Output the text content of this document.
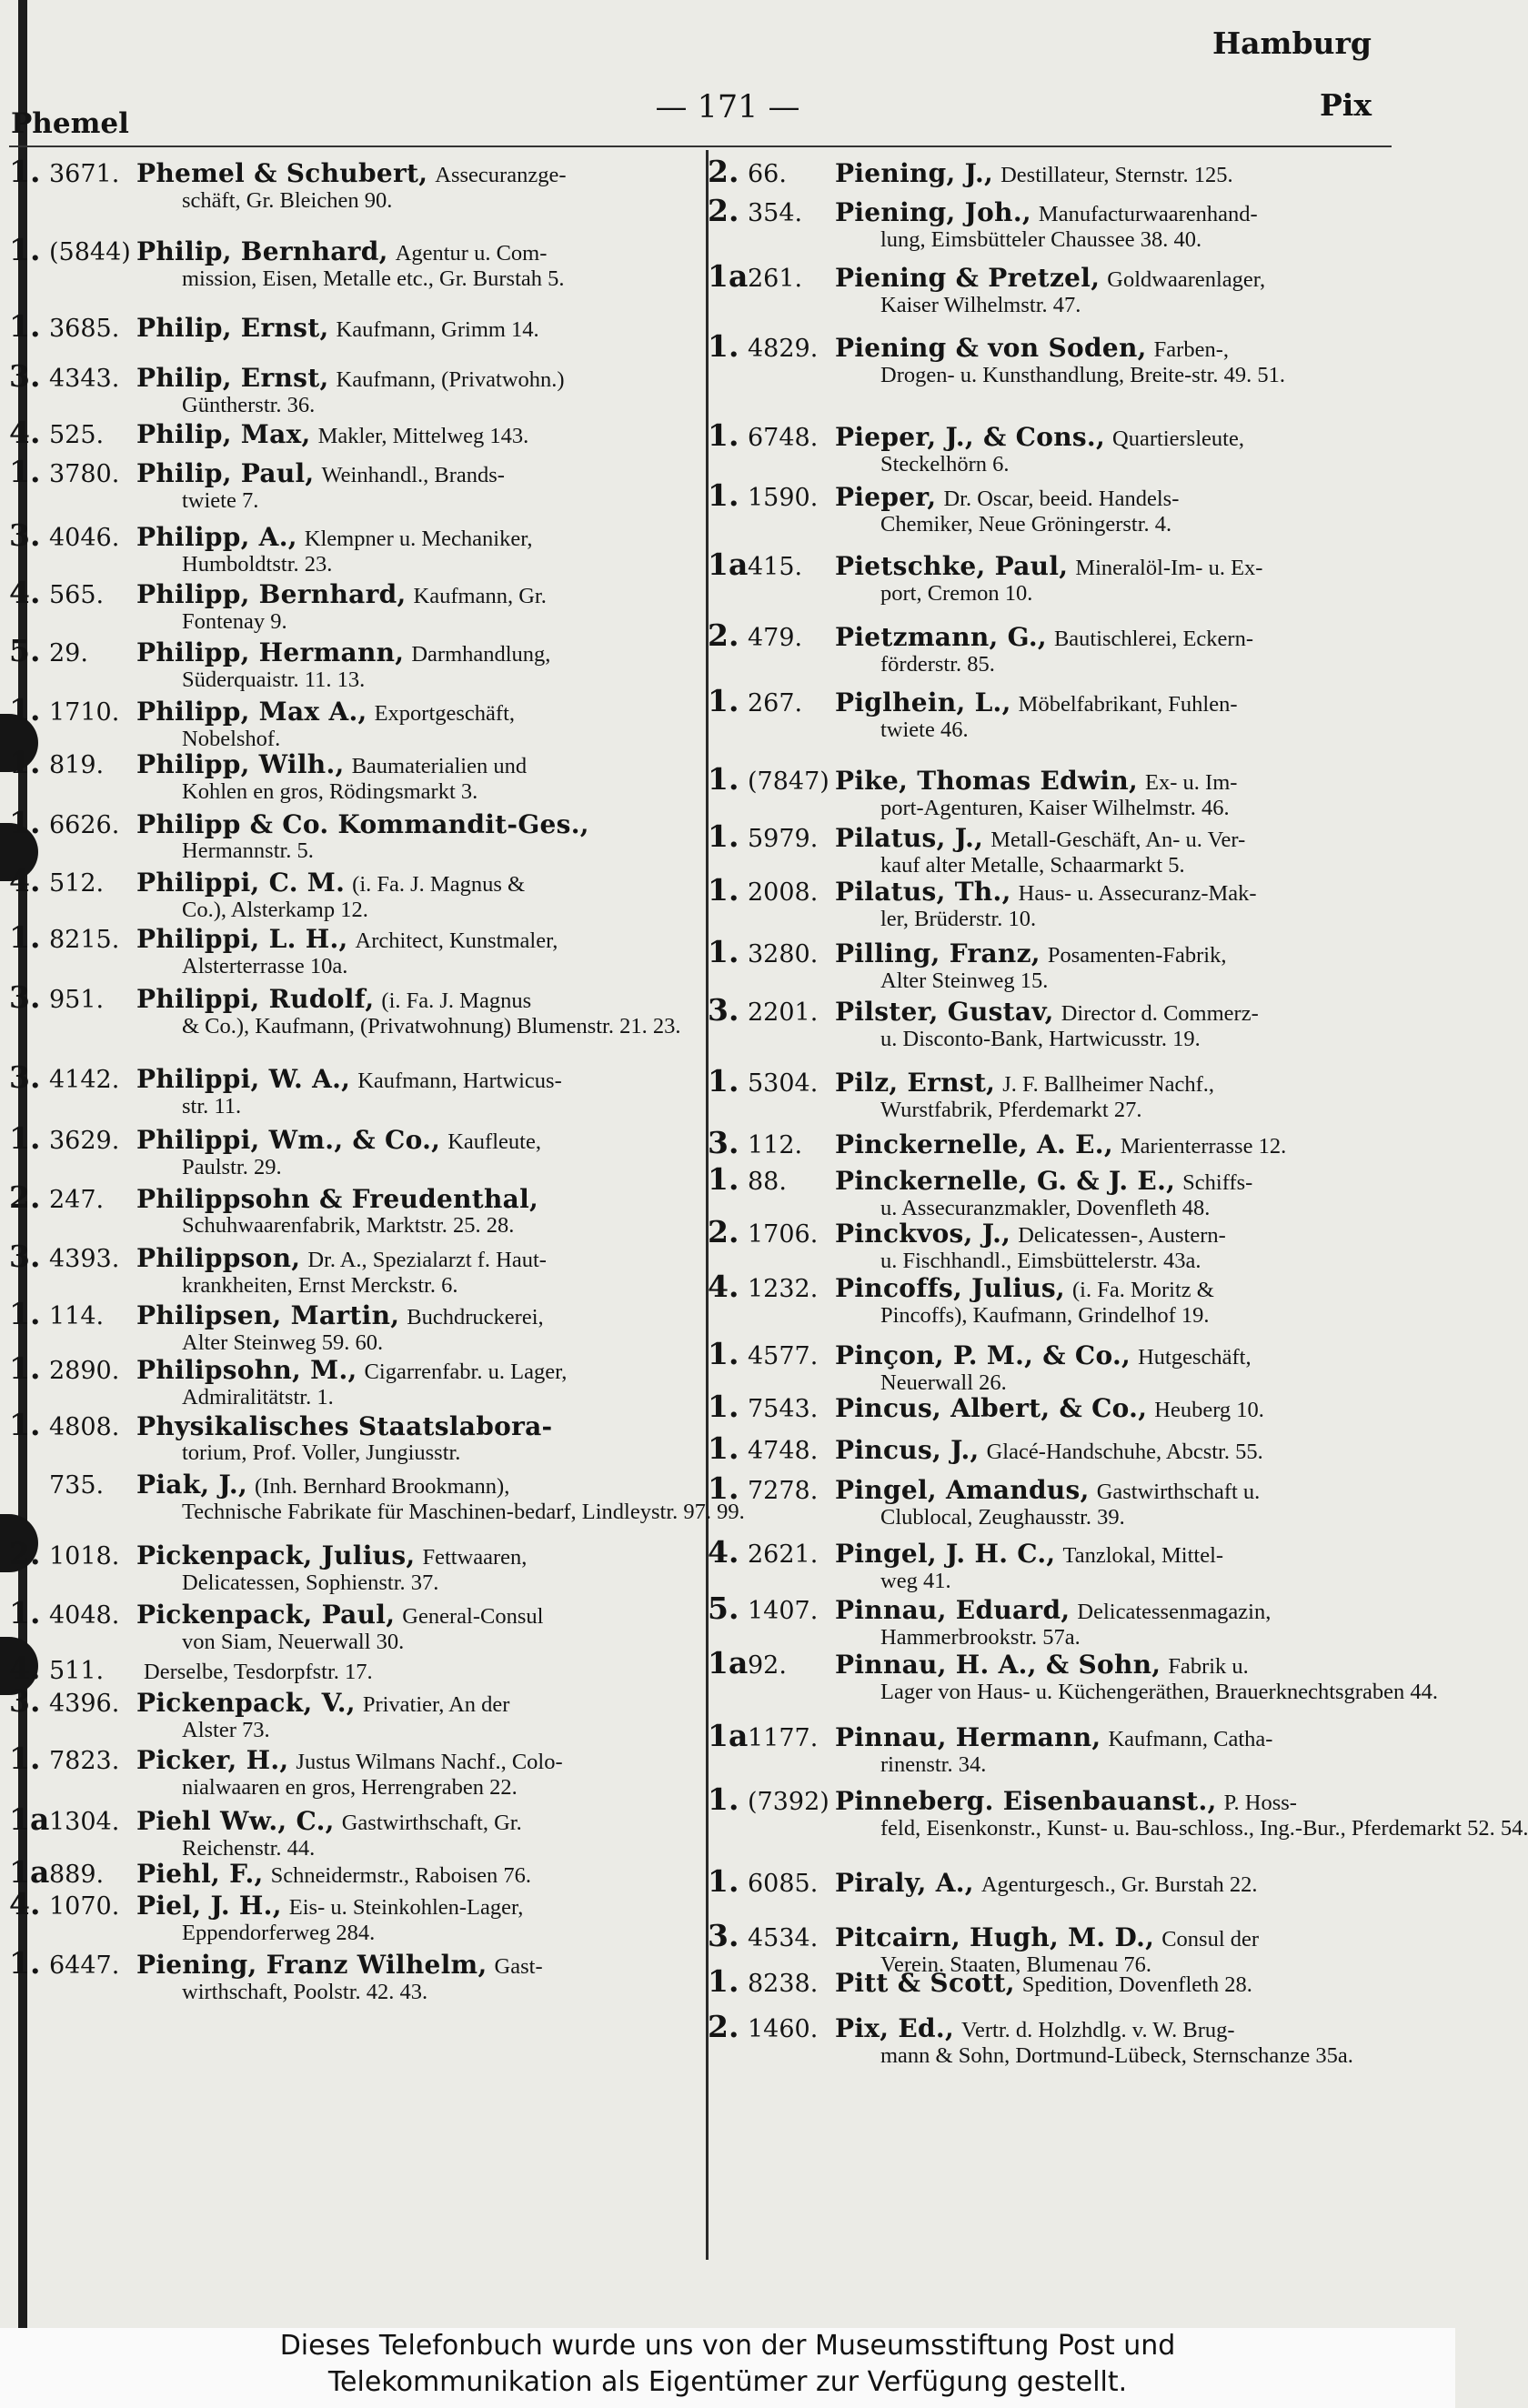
Hamburg
Phemel	— 171 —	Pix
1. 3671. Phemel & Schubert, Assecuranzge-
schäft, Gr. Bleichen 90.
1. (5844) Philip, Bernhard, Agentur u. Com-
mission, Eisen, Metalle etc., Gr. Burstah 5.
1. 3685. Philip, Ernst, Kaufmann, Grimm 14.
3. 4343. Philip, Ernst, Kaufmann, (Privatwohn.)
Güntherstr. 36.
4. 525.	Philip, Max, Makler, Mittelweg 143.
1. 3780. Philip, Paul, Weinhandl., Brands-
twiete 7.
3. 4046. Philipp, A., Klempner u. Mechaniker,
Humboldtstr. 23.
4. 565.	Philipp, Bernhard, Kaufmann, Gr.
Fontenay 9.
5. 29.	Philipp, Hermann, Darmhandlung,
Süderquaistr. 11. 13.
1. 1710. Philipp, Max A., Exportgeschäft,
Nobelshof.
1. 819.	Philipp, Wilh., Baumaterialien und
Kohlen en gros, Rödingsmarkt 3.
1. 6626. Philipp & Co. Kommandit-Ges.,
Hermannstr. 5.
4. 512.	Philippi, C. M. (i. Fa. J. Magnus &
Co.), Alsterkamp 12.
1. 8215. Philippi, L. H., Architect, Kunstmaler,
Alsterterrasse 10a.
3. 951.	Philippi, Rudolf, (i. Fa. J. Magnus
& Co.), Kaufmann, (Privatwohnung) Blumenstr. 21. 23.
3. 4142. Philippi, W. A., Kaufmann, Hartwicus-
str. 11.
1. 3629. Philippi, Wm., & Co., Kaufleute,
Paulstr. 29.
2. 247.	Philippsohn & Freudenthal,
Schuhwaarenfabrik, Marktstr. 25. 28.
3. 4393. Philippson, Dr. A., Spezialarzt f. Haut-
krankheiten, Ernst Merckstr. 6.
1. 114.	Philipsen, Martin, Buchdruckerei,
Alter Steinweg 59. 60.
1. 2890. Philipsohn, M., Cigarrenfabr. u. Lager,
Admiralitätstr. 1.
1. 4808. Physikalisches Staatslabora-
torium, Prof. Voller, Jungiusstr.
735.	Piak, J., (Inh. Bernhard Brookmann),
Technische Fabrikate für Maschinen-bedarf, Lindleystr. 97. 99.
2. 1018. Pickenpack, Julius, Fettwaaren,
Delicatessen, Sophienstr. 37.
1. 4048. Pickenpack, Paul, General-Consul
von Siam, Neuerwall 30.
4. 511.	Derselbe, Tesdorpfstr. 17.
3. 4396. Pickenpack, V., Privatier, An der
Alster 73.
1. 7823. Picker, H., Justus Wilmans Nachf., Colo-
nialwaaren en gros, Herrengraben 22.
1a 1304. Piehl Ww., C., Gastwirthschaft, Gr.
Reichenstr. 44.
1a 889.	Piehl, F., Schneidermstr., Raboisen 76.
4. 1070. Piel, J. H., Eis- u. Steinkohlen-Lager,
Eppendorferweg 284.
1. 6447. Piening, Franz Wilhelm, Gast-
wirthschaft, Poolstr. 42. 43.
2. 66.	Piening, J., Destillateur, Sternstr. 125.
2. 354.	Piening, Joh., Manufacturwaarenhand-
lung, Eimsbütteler Chaussee 38. 40.
1a 261.	Piening & Pretzel, Goldwaarenlager,
Kaiser Wilhelmstr. 47.
1. 4829. Piening & von Soden, Farben-,
Drogen- u. Kunsthandlung, Breite-str. 49. 51.
1. 6748. Pieper, J., & Cons., Quartiersleute,
Steckelhörn 6.
1. 1590. Pieper, Dr. Oscar, beeid. Handels-
Chemiker, Neue Gröningerstr. 4.
1a 415.	Pietschke, Paul, Mineralöl-Im- u. Ex-
port, Cremon 10.
2. 479.	Pietzmann, G., Bautischlerei, Eckern-
förderstr. 85.
1. 267.	Piglhein, L., Möbelfabrikant, Fuhlen-
twiete 46.
1. (7847) Pike, Thomas Edwin, Ex- u. Im-
port-Agenturen, Kaiser Wilhelmstr. 46.
1. 5979. Pilatus, J., Metall-Geschäft, An- u. Ver-
kauf alter Metalle, Schaarmarkt 5.
1. 2008. Pilatus, Th., Haus- u. Assecuranz-Mak-
ler, Brüderstr. 10.
1. 3280. Pilling, Franz, Posamenten-Fabrik,
Alter Steinweg 15.
3. 2201. Pilster, Gustav, Director d. Commerz-
u. Disconto-Bank, Hartwicusstr. 19.
1. 5304. Pilz, Ernst, J. F. Ballheimer Nachf.,
Wurstfabrik, Pferdemarkt 27.
3. 112.	Pinckernelle, A. E., Marienterrasse 12.
1. 88.	Pinckernelle, G. & J. E., Schiffs-
u. Assecuranzmakler, Dovenfleth 48.
2. 1706. Pinckvos, J., Delicatessen-, Austern-
u. Fischhandl., Eimsbüttelerstr. 43a.
4. 1232. Pincoffs, Julius, (i. Fa. Moritz &
Pincoffs), Kaufmann, Grindelhof 19.
1. 4577. Pinçon, P. M., & Co., Hutgeschäft,
Neuerwall 26.
1. 7543. Pincus, Albert, & Co., Heuberg 10.
1. 4748. Pincus, J., Glacé-Handschuhe, Abcstr. 55.
1. 7278. Pingel, Amandus, Gastwirthschaft u.
Clublocal, Zeughausstr. 39.
4. 2621. Pingel, J. H. C., Tanzlokal, Mittel-
weg 41.
5. 1407. Pinnau, Eduard, Delicatessenmagazin,
Hammerbrookstr. 57a.
1a 92.	Pinnau, H. A., & Sohn, Fabrik u.
Lager von Haus- u. Küchengeräthen, Brauerknechtsgraben 44.
1a 1177. Pinnau, Hermann, Kaufmann, Catha-
rinenstr. 34.
1. (7392) Pinneberg. Eisenbauanst., P. Hoss-
feld, Eisenkonstr., Kunst- u. Bau-schloss., Ing.-Bur., Pferdemarkt 52. 54.
1. 6085. Piraly, A., Agenturgesch., Gr. Burstah 22.
3. 4534. Pitcairn, Hugh, M. D., Consul der
Verein. Staaten, Blumenau 76.
1. 8238. Pitt & Scott, Spedition, Dovenfleth 28.
2. 1460. Pix, Ed., Vertr. d. Holzhdlg. v. W. Brug-
mann & Sohn, Dortmund-Lübeck, Sternschanze 35a.
Dieses Telefonbuch wurde uns von der Museumsstiftung Post und
Telekommunikation als Eigentümer zur Verfügung gestellt.
